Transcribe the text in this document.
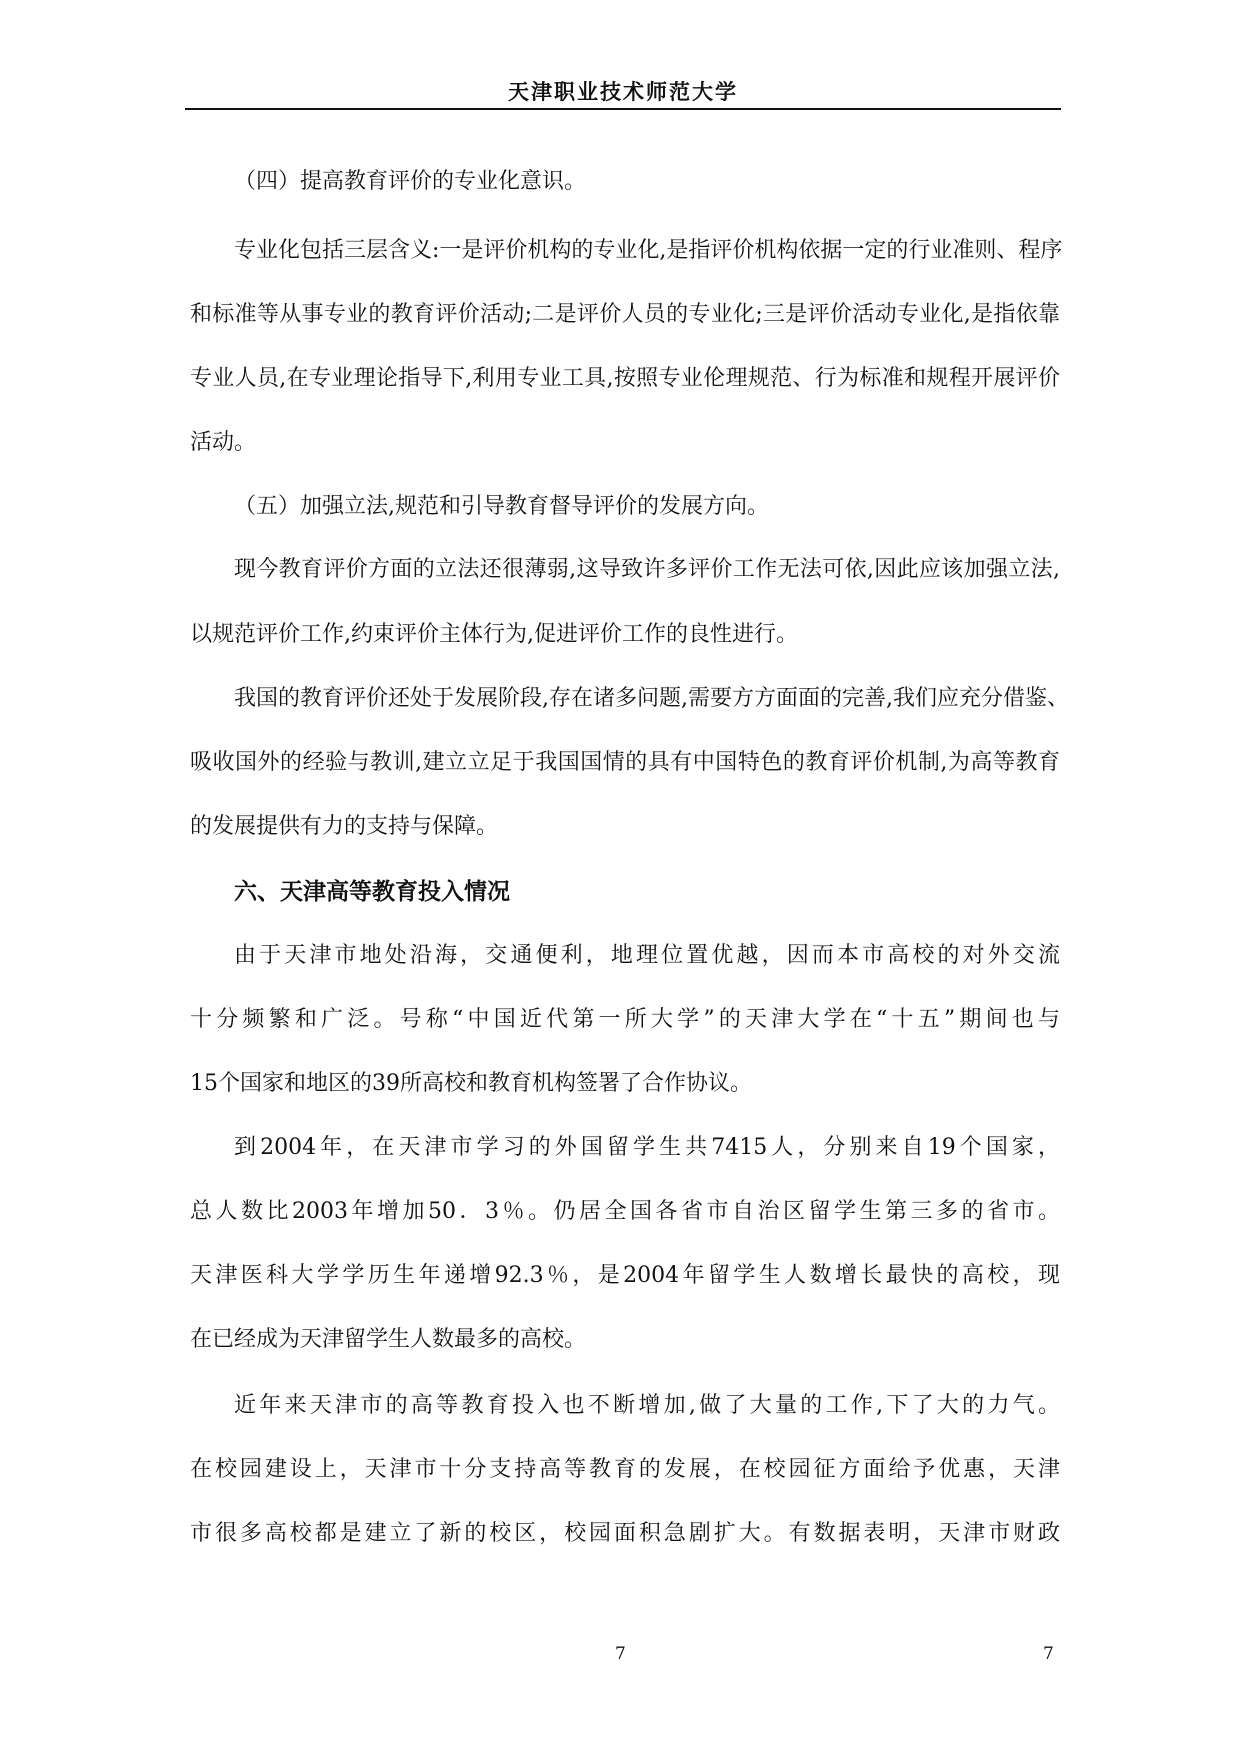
天津职业技术师范大学
（四）提高教育评价的专业化意识。
专业化包括三层含义:一是评价机构的专业化,是指评价机构依据一定的行业准则、程序
和标准等从事专业的教育评价活动;二是评价人员的专业化;三是评价活动专业化,是指依靠
专业人员,在专业理论指导下,利用专业工具,按照专业伦理规范、行为标准和规程开展评价
活动。
（五）加强立法,规范和引导教育督导评价的发展方向。
现今教育评价方面的立法还很薄弱,这导致许多评价工作无法可依,因此应该加强立法,
以规范评价工作,约束评价主体行为,促进评价工作的良性进行。
我国的教育评价还处于发展阶段,存在诸多问题,需要方方面面的完善,我们应充分借鉴、
吸收国外的经验与教训,建立立足于我国国情的具有中国特色的教育评价机制,为高等教育
的发展提供有力的支持与保障。
六、天津高等教育投入情况
由于天津市地处沿海，交通便利，地理位置优越，因而本市高校的对外交流
十分频繁和广泛。号称“中国近代第一所大学”的天津大学在“十五”期间也与
15个国家和地区的39所高校和教育机构签署了合作协议。
到2004年，在天津市学习的外国留学生共7415人，分别来自19个国家，
总人数比2003年增加50．3％。仍居全国各省市自治区留学生第三多的省市。
天津医科大学学历生年递增92.3％，是2004年留学生人数增长最快的高校，现
在已经成为天津留学生人数最多的高校。
近年来天津市的高等教育投入也不断增加,做了大量的工作,下了大的力气。
在校园建设上，天津市十分支持高等教育的发展，在校园征方面给予优惠，天津
市很多高校都是建立了新的校区，校园面积急剧扩大。有数据表明，天津市财政
7	7
